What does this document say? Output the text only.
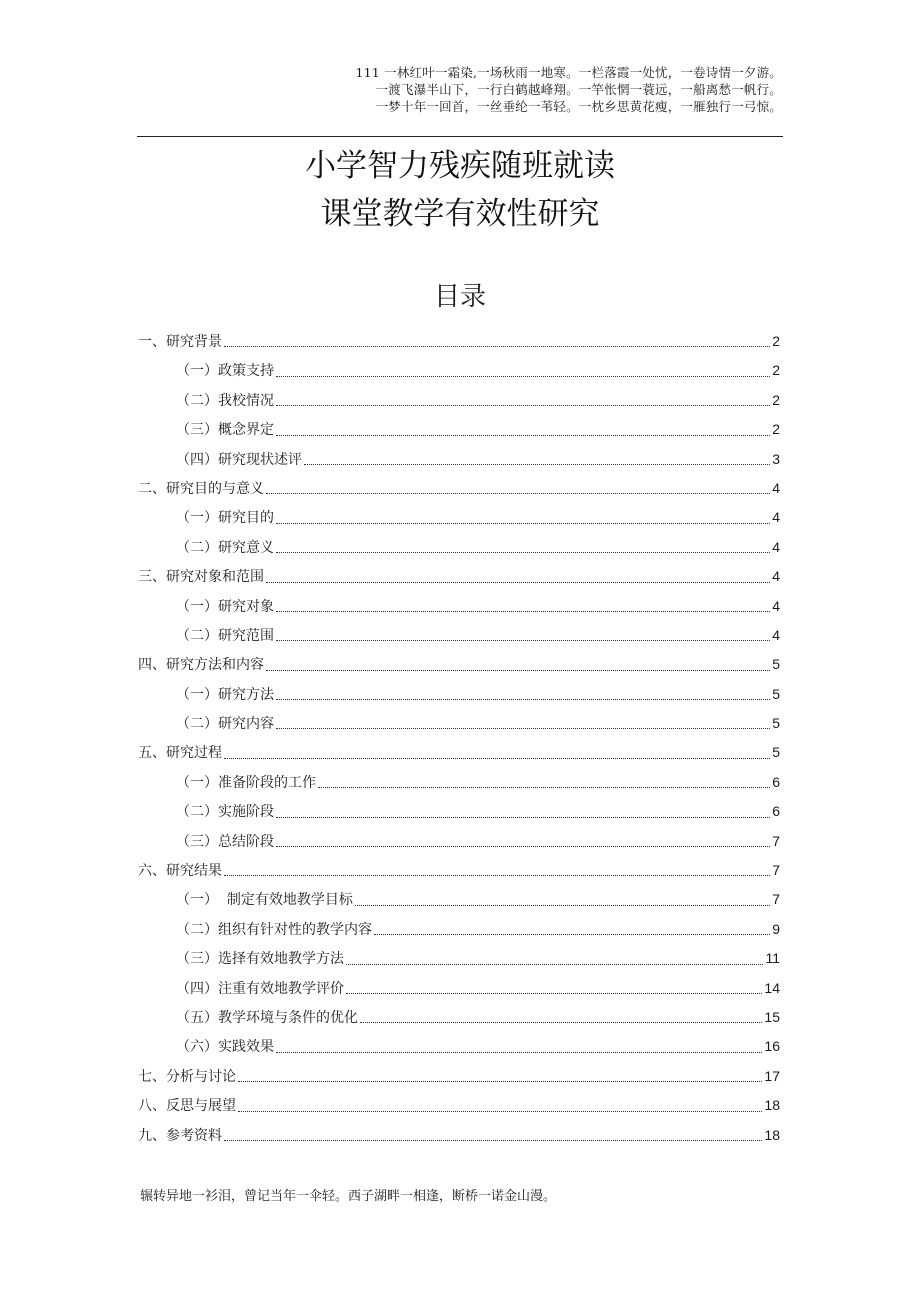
111 一林红叶一霜染,一场秋雨一地寒。一栏落霞一处忧，一卷诗情一夕游。
一渡飞瀑半山下，一行白鹤越峰翔。一竿怅惘一蓑远，一船离愁一帆行。
一梦十年一回首，一丝垂纶一苇轻。一枕乡思黄花瘦，一雁独行一弓惊。
小学智力残疾随班就读
课堂教学有效性研究
目录
一、研究背景	2
（一）政策支持	2
（二）我校情况	2
（三）概念界定	2
（四）研究现状述评	3
二、研究目的与意义	4
（一）研究目的	4
（二）研究意义	4
三、研究对象和范围	4
（一）研究对象	4
（二）研究范围	4
四、研究方法和内容	5
（一）研究方法	5
（二）研究内容	5
五、研究过程	5
（一）准备阶段的工作	6
（二）实施阶段	6
（三）总结阶段	7
六、研究结果	7
（一）  制定有效地教学目标	7
（二）组织有针对性的教学内容	9
（三）选择有效地教学方法	11
（四）注重有效地教学评价	14
（五）教学环境与条件的优化	15
（六）实践效果	16
七、分析与讨论	17
八、反思与展望	18
九、参考资料	18
辗转异地一衫泪，曾记当年一伞轻。西子湖畔一相逢，断桥一诺金山漫。
